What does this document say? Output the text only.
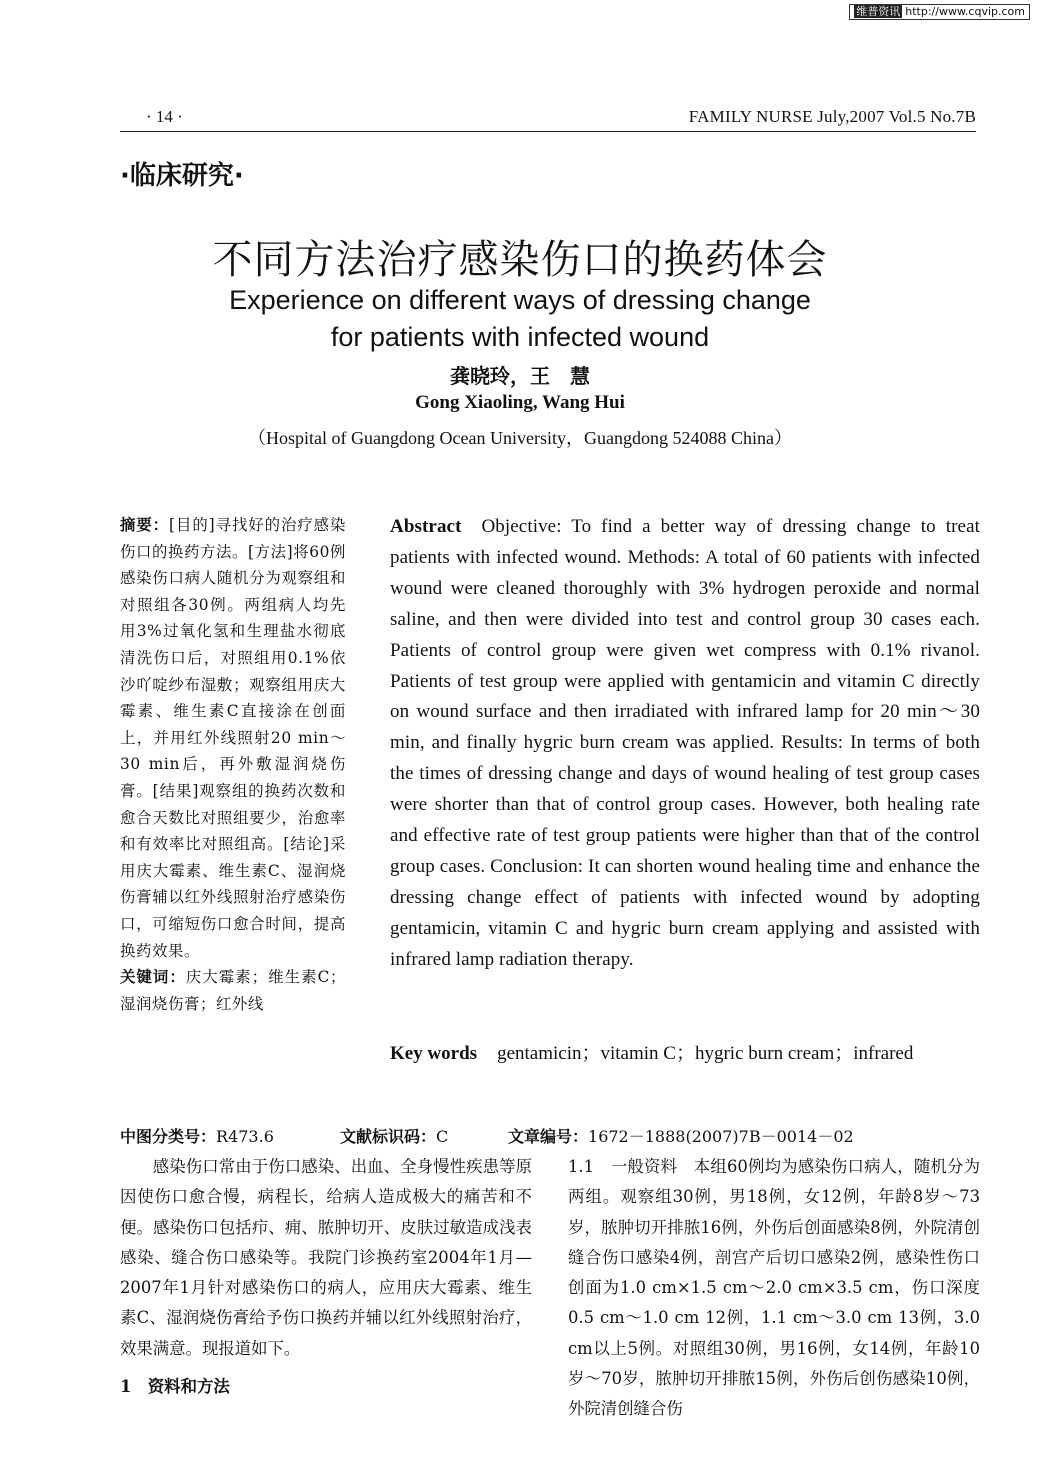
维普资讯 http://www.cqvip.com
· 14 ·	FAMILY NURSE July,2007 Vol.5 No.7B
·临床研究·
不同方法治疗感染伤口的换药体会
Experience on different ways of dressing change
for patients with infected wound
龚晓玲，王　慧
Gong Xiaoling, Wang Hui
（Hospital of Guangdong Ocean University，Guangdong 524088 China）
摘要：[目的]寻找好的治疗感染伤口的换药方法。[方法]将60例感染伤口病人随机分为观察组和对照组各30例。两组病人均先用3%过氧化氢和生理盐水彻底清洗伤口后，对照组用0.1%依沙吖啶纱布湿敷；观察组用庆大霉素、维生素C直接涂在创面上，并用红外线照射20 min～30 min后，再外敷湿润烧伤膏。[结果]观察组的换药次数和愈合天数比对照组要少，治愈率和有效率比对照组高。[结论]采用庆大霉素、维生素C、湿润烧伤膏辅以红外线照射治疗感染伤口，可缩短伤口愈合时间，提高换药效果。
关键词：庆大霉素；维生素C；湿润烧伤膏；红外线
Abstract Objective: To find a better way of dressing change to treat patients with infected wound. Methods: A total of 60 patients with infected wound were cleaned thoroughly with 3% hydrogen peroxide and normal saline, and then were divided into test and control group 30 cases each. Patients of control group were given wet compress with 0.1% rivanol. Patients of test group were applied with gentamicin and vitamin C directly on wound surface and then irradiated with infrared lamp for 20 min～30 min, and finally hygric burn cream was applied. Results: In terms of both the times of dressing change and days of wound healing of test group cases were shorter than that of control group cases. However, both healing rate and effective rate of test group patients were higher than that of the control group cases. Conclusion: It can shorten wound healing time and enhance the dressing change effect of patients with infected wound by adopting gentamicin, vitamin C and hygric burn cream applying and assisted with infrared lamp radiation therapy.
Key words gentamicin；vitamin C；hygric burn cream；infrared
中图分类号：R473.6	文献标识码：C	文章编号：1672－1888(2007)7B－0014－02

感染伤口常由于伤口感染、出血、全身慢性疾患等原因使伤口愈合慢，病程长，给病人造成极大的痛苦和不便。感染伤口包括疖、痈、脓肿切开、皮肤过敏造成浅表感染、缝合伤口感染等。我院门诊换药室2004年1月—2007年1月针对感染伤口的病人，应用庆大霉素、维生素C、湿润烧伤膏给予伤口换药并辅以红外线照射治疗，效果满意。现报道如下。

1　资料和方法
1.1　一般资料　本组60例均为感染伤口病人，随机分为两组。观察组30例，男18例，女12例，年龄8岁～73岁，脓肿切开排脓16例，外伤后创面感染8例，外院清创缝合伤口感染4例，剖宫产后切口感染2例，感染性伤口创面为1.0 cm×1.5 cm～2.0 cm×3.5 cm，伤口深度0.5 cm～1.0 cm 12例，1.1 cm～3.0 cm 13例，3.0 cm以上5例。对照组30例，男16例，女14例，年龄10岁～70岁，脓肿切开排脓15例，外伤后创伤感染10例，外院清创缝合伤
